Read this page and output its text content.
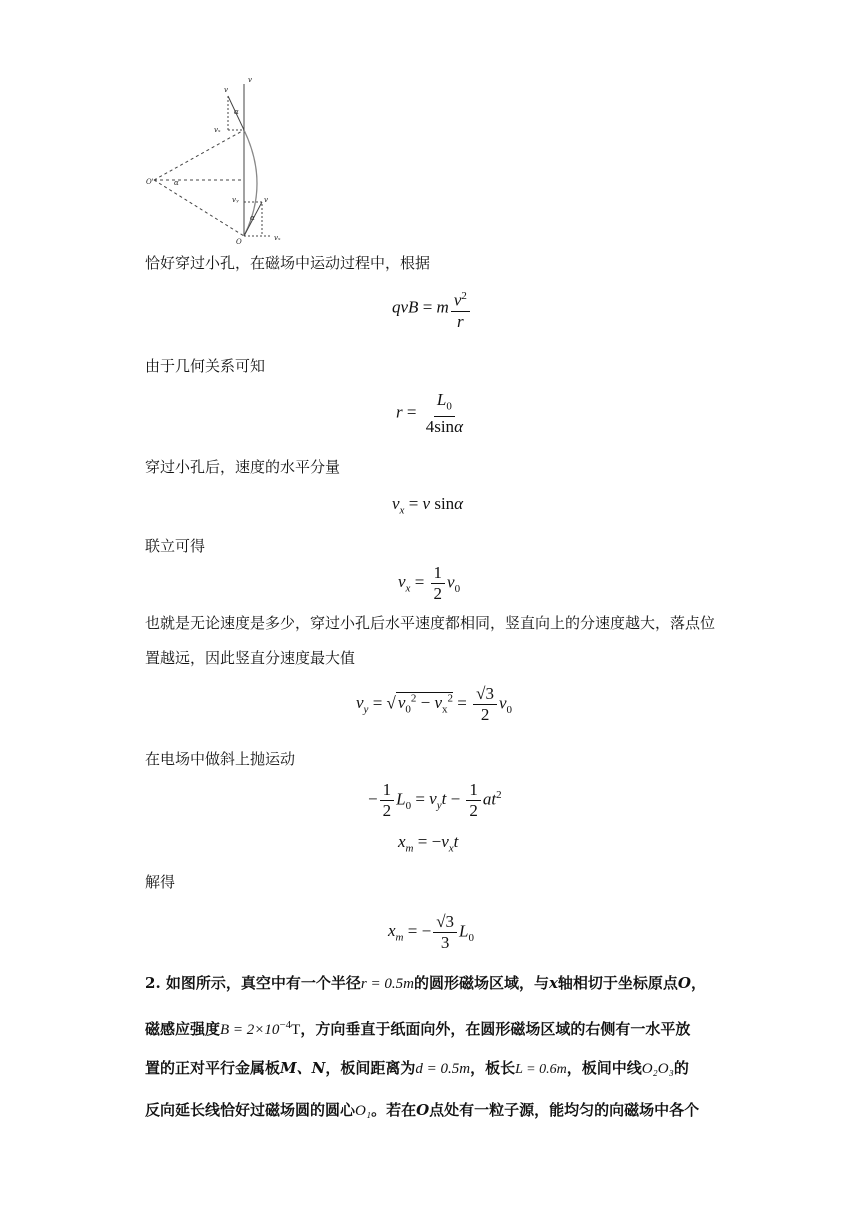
O'
O
α
v
v
vₓ
α
α
vᵧ	v
vₓ
恰好穿过小孔，在磁场中运动过程中，根据
qvB = m $\frac{v^2}{r}$
由于几何关系可知
$r = \frac{L_0}{4\sin\alpha}$
穿过小孔后，速度的水平分量
$v_x = v$ sinα
联立可得
$v_x = \frac{1}{2} v_0$
也就是无论速度是多少，穿过小孔后水平速度都相同，竖直向上的分速度越大，落点位
置越远，因此竖直分速度最大值
$v_y$ = √ $v_0^2 - v_x^2 = \frac{√3}{2} v_0$
在电场中做斜上抛运动
− $\frac{1}{2} L_0 = v_yt - \frac{1}{2} at^2$
$x_m = -v_xt$
解得
$x_m$ = − $\frac{√3}{3} L_0$
2. 如图所示，真空中有一个半径r = 0.5m的圆形磁场区域，与x轴相切于坐标原点O，
磁感应强度$B = 2\times 10^{-4}T$，方向垂直于纸面向外，在圆形磁场区域的右侧有一水平放
置的正对平行金属板M、N，板间距离为d = 0.5m，板长L = 0.6m，板间中线O₂O₃的
反向延长线恰好过磁场圆的圆心O₁。若在O点处有一粒子源，能均匀的向磁场中各个
